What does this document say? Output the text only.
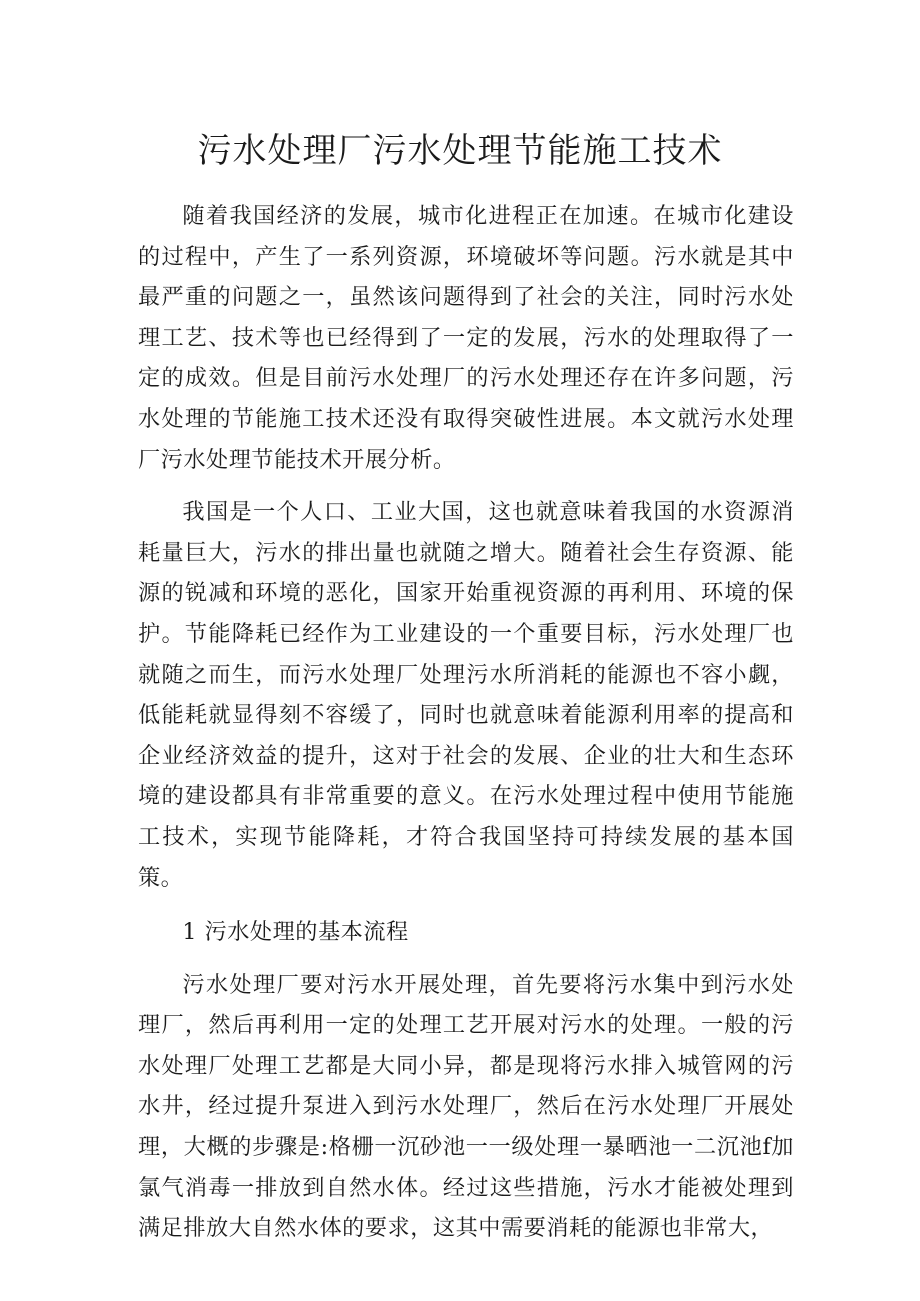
污水处理厂污水处理节能施工技术

随着我国经济的发展，城市化进程正在加速。在城市化建设的过程中，产生了一系列资源，环境破坏等问题。污水就是其中最严重的问题之一，虽然该问题得到了社会的关注，同时污水处理工艺、技术等也已经得到了一定的发展，污水的处理取得了一定的成效。但是目前污水处理厂的污水处理还存在许多问题，污水处理的节能施工技术还没有取得突破性进展。本文就污水处理厂污水处理节能技术开展分析。

我国是一个人口、工业大国，这也就意味着我国的水资源消耗量巨大，污水的排出量也就随之增大。随着社会生存资源、能源的锐减和环境的恶化，国家开始重视资源的再利用、环境的保护。节能降耗已经作为工业建设的一个重要目标，污水处理厂也就随之而生，而污水处理厂处理污水所消耗的能源也不容小觑，低能耗就显得刻不容缓了，同时也就意味着能源利用率的提高和企业经济效益的提升，这对于社会的发展、企业的壮大和生态环境的建设都具有非常重要的意义。在污水处理过程中使用节能施工技术，实现节能降耗，才符合我国坚持可持续发展的基本国策。

1 污水处理的基本流程

污水处理厂要对污水开展处理，首先要将污水集中到污水处理厂，然后再利用一定的处理工艺开展对污水的处理。一般的污水处理厂处理工艺都是大同小异，都是现将污水排入城管网的污水井，经过提升泵进入到污水处理厂，然后在污水处理厂开展处理，大概的步骤是:格栅一沉砂池一一级处理一暴晒池一二沉池f加氯气消毒一排放到自然水体。经过这些措施，污水才能被处理到满足排放大自然水体的要求，这其中需要消耗的能源也非常大，
